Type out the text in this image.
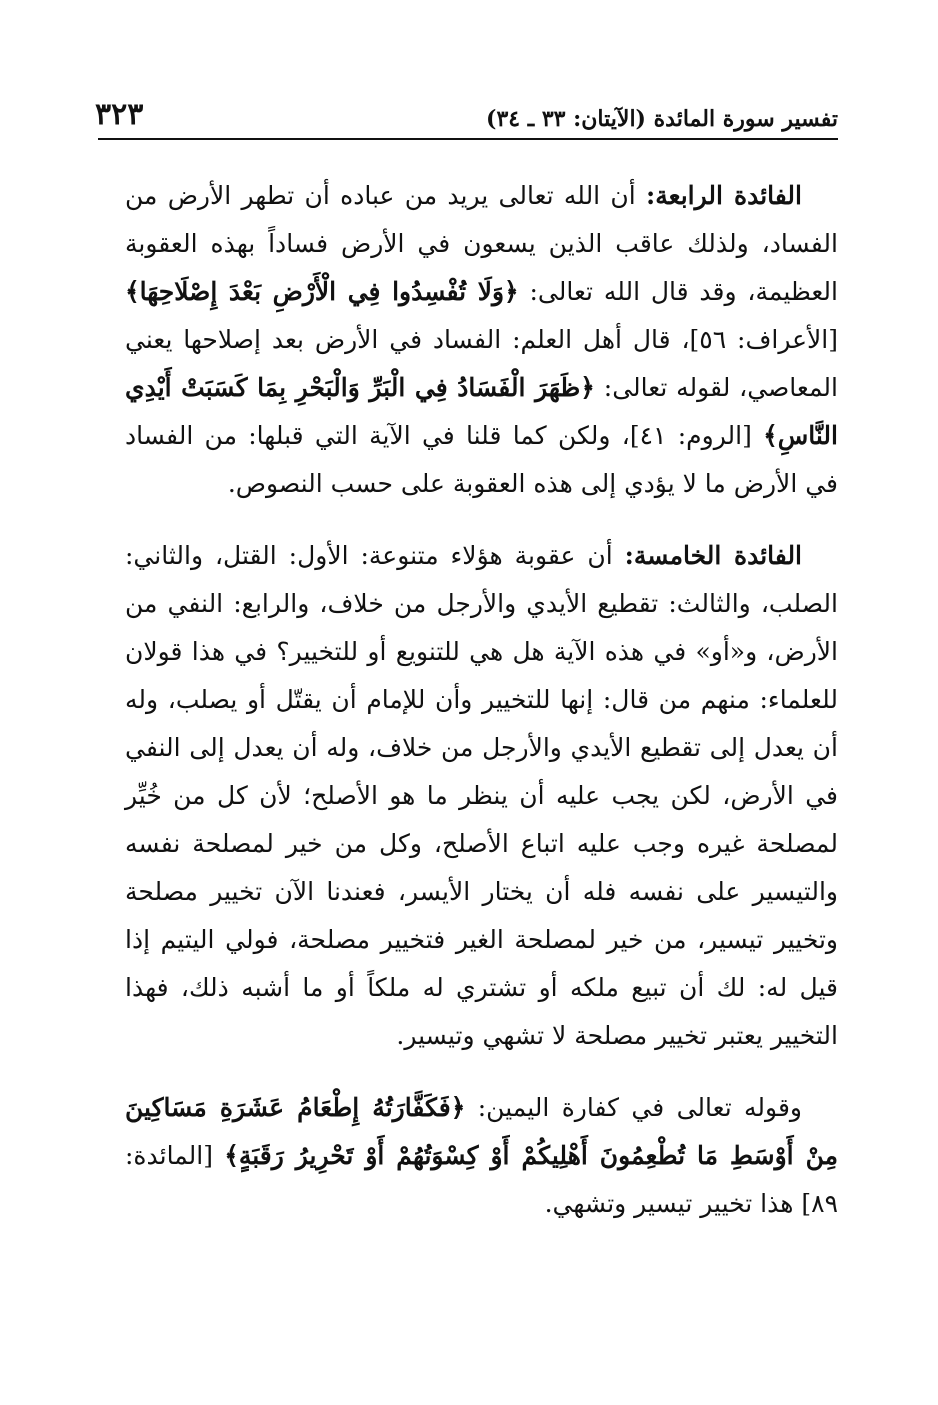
تفسير سورة المائدة (الآيتان: ٣٣ ـ ٣٤)
٣٢٣

الفائدة الرابعة: أن الله تعالى يريد من عباده أن تطهر الأرض من الفساد، ولذلك عاقب الذين يسعون في الأرض فساداً بهذه العقوبة العظيمة، وقد قال الله تعالى: ﴿وَلَا تُفْسِدُوا فِي الْأَرْضِ بَعْدَ إِصْلَاحِهَا﴾ [الأعراف: ٥٦]، قال أهل العلم: الفساد في الأرض بعد إصلاحها يعني المعاصي، لقوله تعالى: ﴿ظَهَرَ الْفَسَادُ فِي الْبَرِّ وَالْبَحْرِ بِمَا كَسَبَتْ أَيْدِي النَّاسِ﴾ [الروم: ٤١]، ولكن كما قلنا في الآية التي قبلها: من الفساد في الأرض ما لا يؤدي إلى هذه العقوبة على حسب النصوص.

الفائدة الخامسة: أن عقوبة هؤلاء متنوعة: الأول: القتل، والثاني: الصلب، والثالث: تقطيع الأيدي والأرجل من خلاف، والرابع: النفي من الأرض، و«أو» في هذه الآية هل هي للتنويع أو للتخيير؟ في هذا قولان للعلماء: منهم من قال: إنها للتخيير وأن للإمام أن يقتّل أو يصلب، وله أن يعدل إلى تقطيع الأيدي والأرجل من خلاف، وله أن يعدل إلى النفي في الأرض، لكن يجب عليه أن ينظر ما هو الأصلح؛ لأن كل من خُيِّر لمصلحة غيره وجب عليه اتباع الأصلح، وكل من خير لمصلحة نفسه والتيسير على نفسه فله أن يختار الأيسر، فعندنا الآن تخيير مصلحة وتخيير تيسير، من خير لمصلحة الغير فتخيير مصلحة، فولي اليتيم إذا قيل له: لك أن تبيع ملكه أو تشتري له ملكاً أو ما أشبه ذلك، فهذا التخيير يعتبر تخيير مصلحة لا تشهي وتيسير.

وقوله تعالى في كفارة اليمين: ﴿فَكَفَّارَتُهُ إِطْعَامُ عَشَرَةِ مَسَاكِينَ مِنْ أَوْسَطِ مَا تُطْعِمُونَ أَهْلِيكُمْ أَوْ كِسْوَتُهُمْ أَوْ تَحْرِيرُ رَقَبَةٍ﴾ [المائدة: ٨٩] هذا تخيير تيسير وتشهي.
